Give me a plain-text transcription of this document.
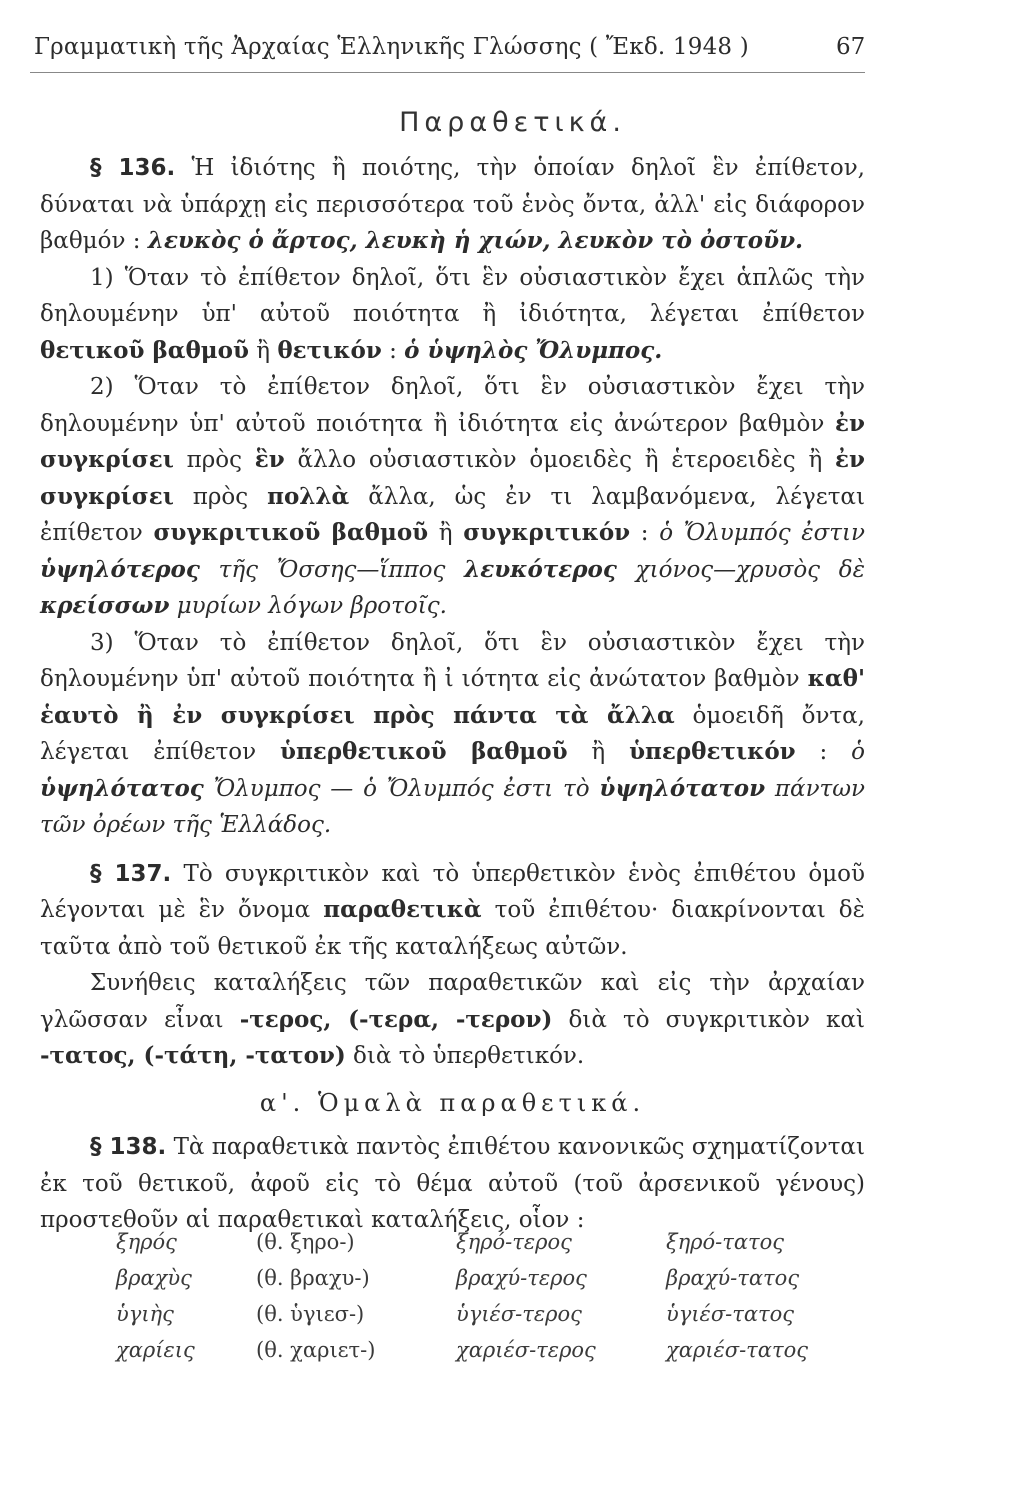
Γραμματικὴ τῆς Ἀρχαίας Ἑλληνικῆς Γλώσσης ( Ἔκδ. 1948 )	67
Παραθετικά.

§ 136. Ἡ ἰδιότης ἢ ποιότης, τὴν ὁποίαν δηλοῖ ἓν ἐπίθετον, δύναται νὰ ὑπάρχῃ εἰς περισσότερα τοῦ ἑνὸς ὄντα, ἀλλ' εἰς διάφορον βαθμόν : λευκὸς ὁ ἄρτος, λευκὴ ἡ χιών, λευκὸν τὸ ὀστοῦν.

1) Ὅταν τὸ ἐπίθετον δηλοῖ, ὅτι ἓν οὐσιαστικὸν ἔχει ἁπλῶς τὴν δηλουμένην ὑπ' αὐτοῦ ποιότητα ἢ ἰδιότητα, λέγεται ἐπίθετον θετικοῦ βαθμοῦ ἢ θετικόν : ὁ ὑψηλὸς Ὄλυμπος.

2) Ὅταν τὸ ἐπίθετον δηλοῖ, ὅτι ἓν οὐσιαστικὸν ἔχει τὴν δηλουμένην ὑπ' αὐτοῦ ποιότητα ἢ ἰδιότητα εἰς ἀνώτερον βαθμὸν ἐν συγκρίσει πρὸς ἓν ἄλλο οὐσιαστικὸν ὁμοειδὲς ἢ ἑτεροειδὲς ἢ ἐν συγκρίσει πρὸς πολλὰ ἄλλα, ὡς ἐν τι λαμβανόμενα, λέγεται ἐπίθετον συγκριτικοῦ βαθμοῦ ἢ συγκριτικόν : ὁ Ὄλυμπός ἐστιν ὑψηλότερος τῆς Ὄσσης—ἵππος λευκότερος χιόνος—χρυσὸς δὲ κρείσσων μυρίων λόγων βροτοῖς.

3) Ὅταν τὸ ἐπίθετον δηλοῖ, ὅτι ἓν οὐσιαστικὸν ἔχει τὴν δηλουμένην ὑπ' αὐτοῦ ποιότητα ἢ ἰ ιότητα εἰς ἀνώτατον βαθμὸν καθ' ἑαυτὸ ἢ ἐν συγκρίσει πρὸς πάντα τὰ ἄλλα ὁμοειδῆ ὄντα, λέγεται ἐπίθετον ὑπερθετικοῦ βαθμοῦ ἢ ὑπερθετικόν : ὁ ὑψηλότατος Ὄλυμπος — ὁ Ὄλυμπός ἐστι τὸ ὑψηλότατον πάντων τῶν ὀρέων τῆς Ἑλλάδος.

§ 137. Τὸ συγκριτικὸν καὶ τὸ ὑπερθετικὸν ἑνὸς ἐπιθέτου ὁμοῦ λέγονται μὲ ἓν ὄνομα παραθετικὰ τοῦ ἐπιθέτου· διακρίνονται δὲ ταῦτα ἀπὸ τοῦ θετικοῦ ἐκ τῆς καταλήξεως αὐτῶν.

Συνήθεις καταλήξεις τῶν παραθετικῶν καὶ εἰς τὴν ἀρχαίαν γλῶσσαν εἶναι -τερος, (-τερα, -τερον) διὰ τὸ συγκριτικὸν καὶ -τατος, (-τάτη, -τατον) διὰ τὸ ὑπερθετικόν.

α'. Ὁμαλὰ παραθετικά.

§ 138. Τὰ παραθετικὰ παντὸς ἐπιθέτου κανονικῶς σχηματίζονται ἐκ τοῦ θετικοῦ, ἀφοῦ εἰς τὸ θέμα αὐτοῦ (τοῦ ἀρσενικοῦ γένους) προστεθοῦν αἱ παραθετικαὶ καταλήξεις, οἷον :

ξηρός	(θ. ξηρο-)	ξηρό-τερος	ξηρό-τατος
βραχὺς	(θ. βραχυ-)	βραχύ-τερος	βραχύ-τατος
ὑγιὴς	(θ. ὑγιεσ-)	ὑγιέσ-τερος	ὑγιέσ-τατος
χαρίεις	(θ. χαριετ-)	χαριέσ-τερος	χαριέσ-τατος
